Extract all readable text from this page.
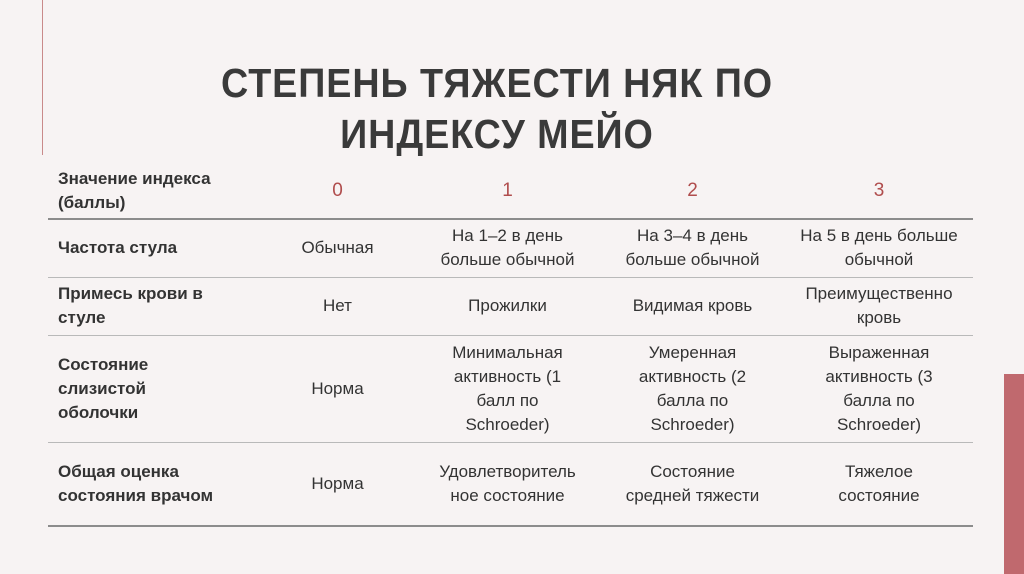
СТЕПЕНЬ ТЯЖЕСТИ НЯК ПО
ИНДЕКСУ МЕЙО
Значение индекса (баллы)	0	1	2	3
Частота стула	Обычная	На 1–2 в день больше обычной	На 3–4 в день больше обычной	На 5 в день больше обычной
Примесь крови в стуле	Нет	Прожилки	Видимая кровь	Преимущественно кровь
Состояние слизистой оболочки	Норма	Минимальная активность (1 балл по Schroeder)	Умеренная активность (2 балла по Schroeder)	Выраженная активность (3 балла по Schroeder)
Общая оценка состояния врачом	Норма	Удовлетворитель ное состояние	Состояние средней тяжести	Тяжелое состояние
